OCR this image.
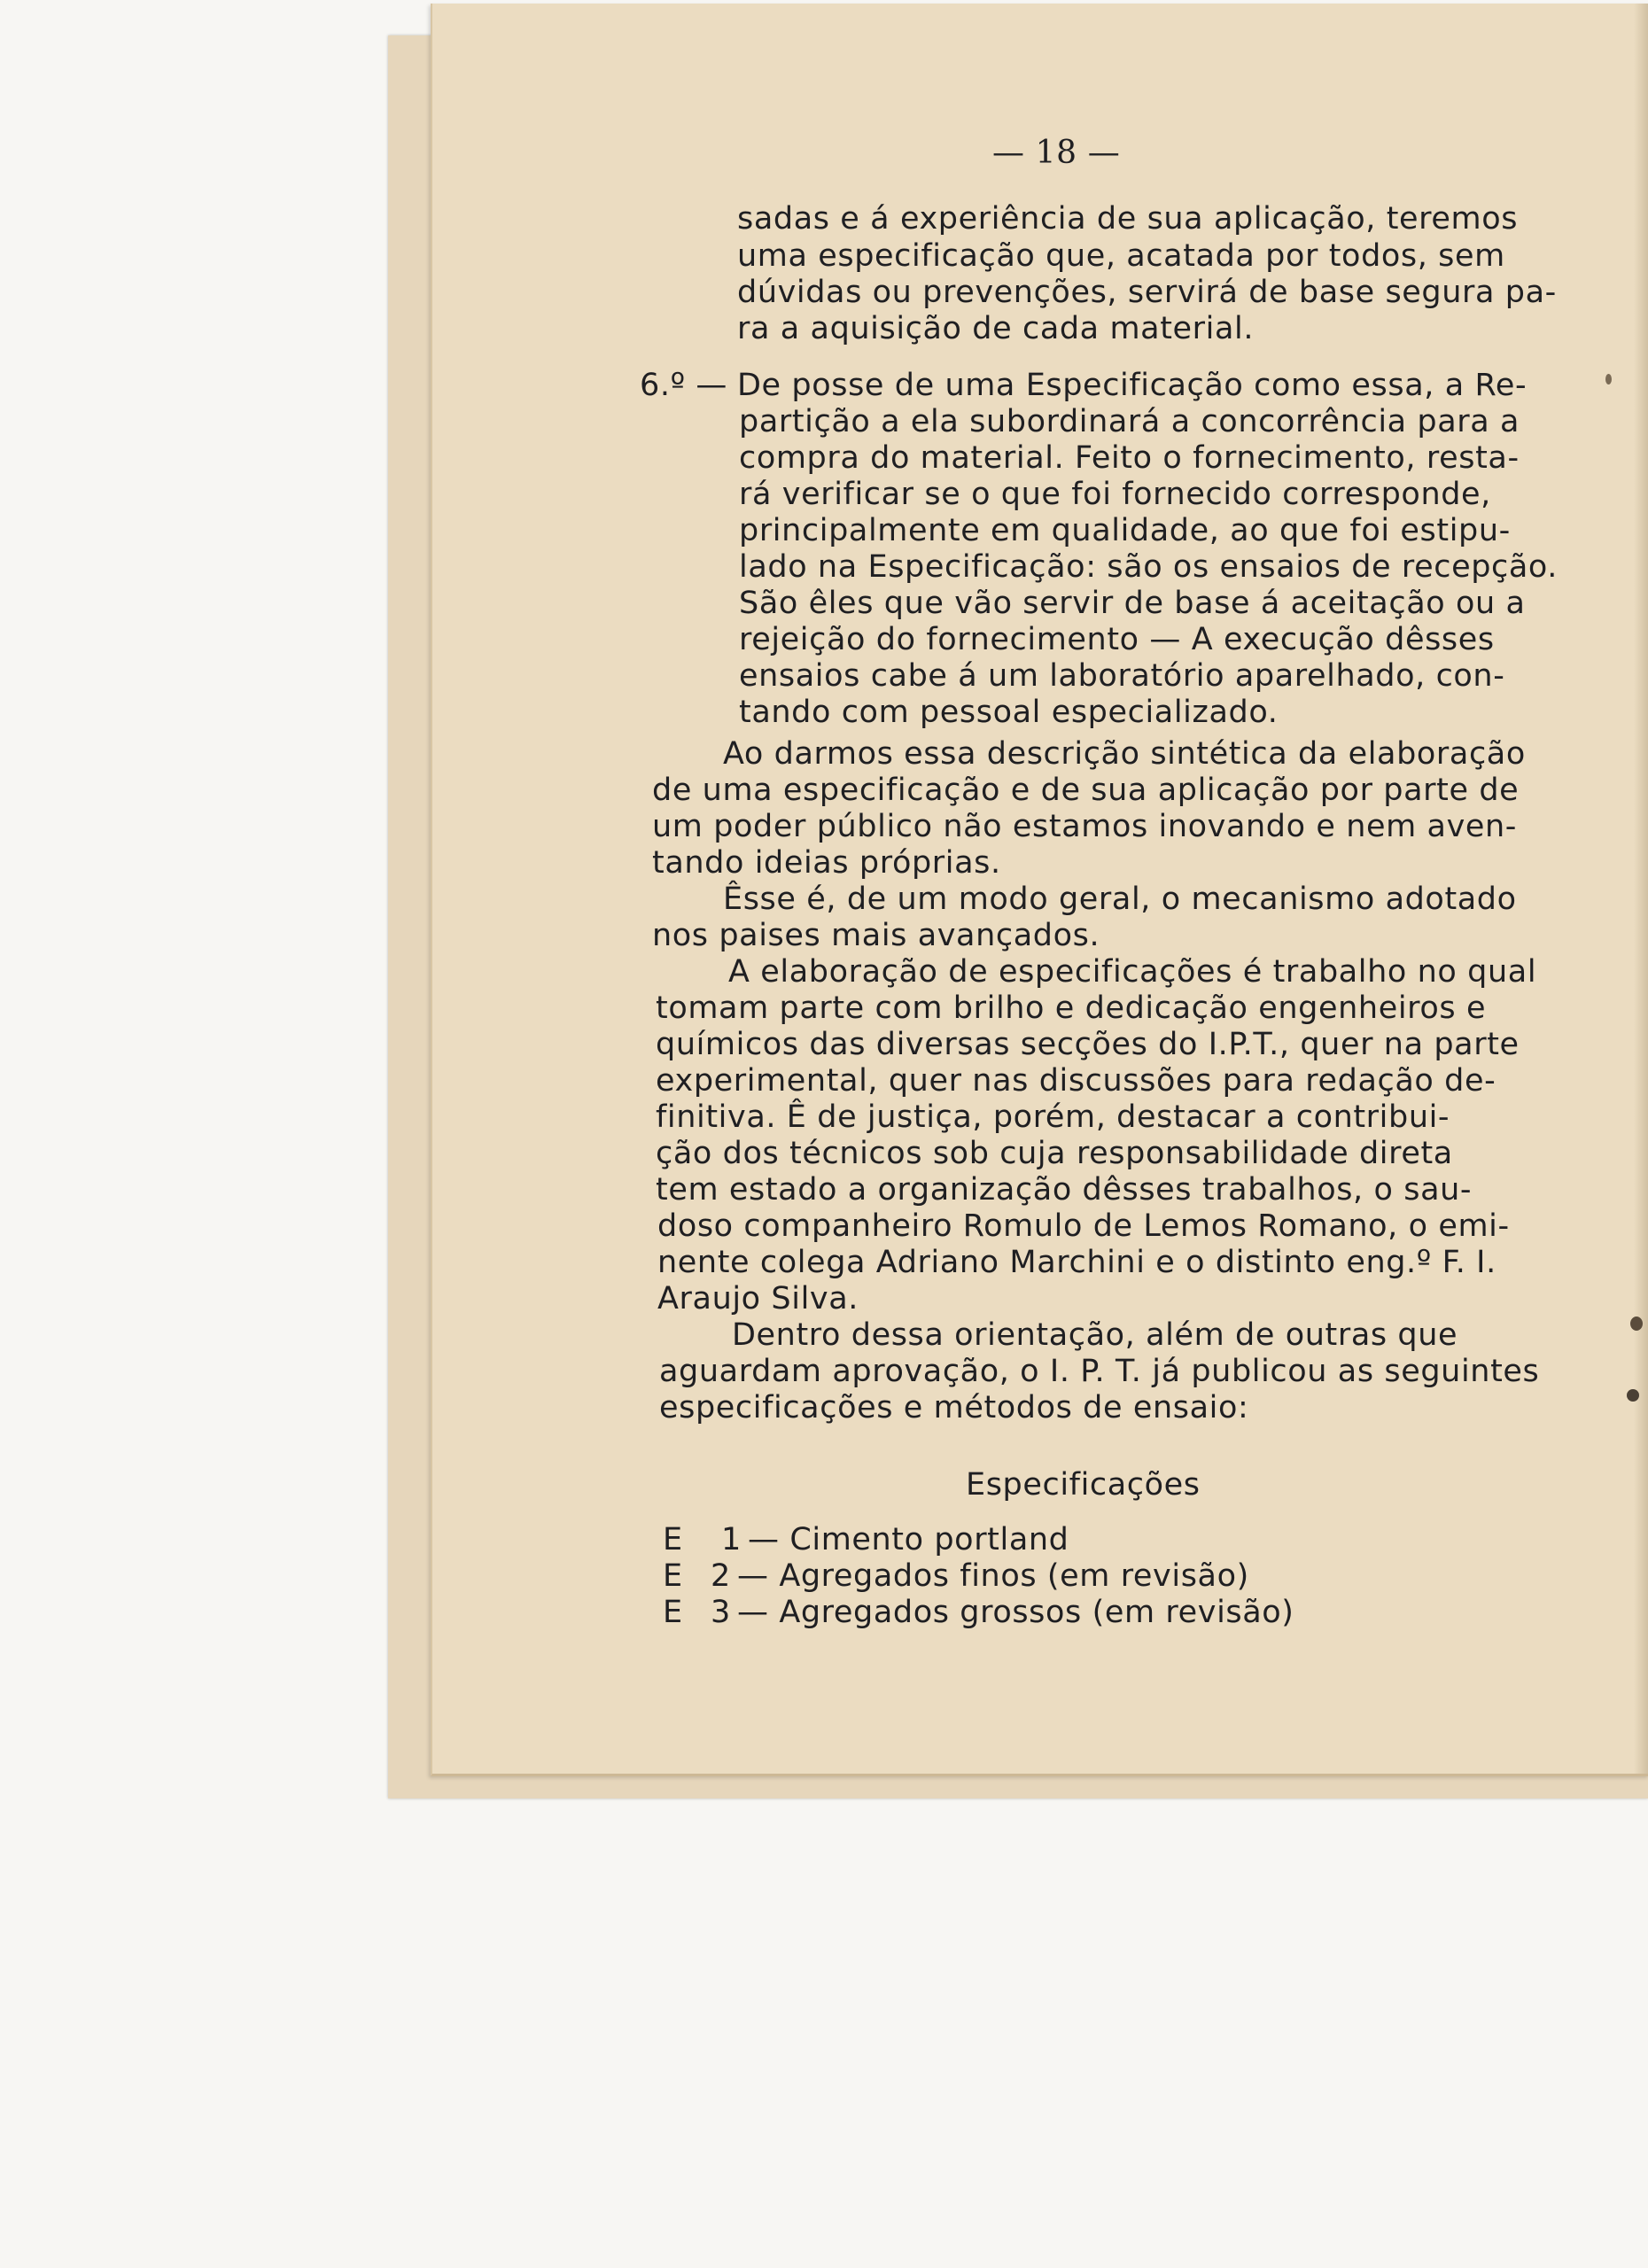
— 18 —
sadas e á experiência de sua aplicação, teremos
uma especificação que, acatada por todos, sem
dúvidas ou prevenções, servirá de base segura pa-
ra a aquisição de cada material.
6.º — De posse de uma Especificação como essa, a Re-
partição a ela subordinará a concorrência para a
compra do material. Feito o fornecimento, resta-
rá verificar se o que foi fornecido corresponde,
principalmente em qualidade, ao que foi estipu-
lado na Especificação: são os ensaios de recepção.
São êles que vão servir de base á aceitação ou a
rejeição do fornecimento — A execução dêsses
ensaios cabe á um laboratório aparelhado, con-
tando com pessoal especializado.
Ao darmos essa descrição sintética da elaboração
de uma especificação e de sua aplicação por parte de
um poder público não estamos inovando e nem aven-
tando ideias próprias.
Êsse é, de um modo geral, o mecanismo adotado
nos paises mais avançados.
A elaboração de especificações é trabalho no qual
tomam parte com brilho e dedicação engenheiros e
químicos das diversas secções do I.P.T., quer na parte
experimental, quer nas discussões para redação de-
finitiva. Ê de justiça, porém, destacar a contribui-
ção dos técnicos sob cuja responsabilidade direta
tem estado a organização dêsses trabalhos, o sau-
doso companheiro Romulo de Lemos Romano, o emi-
nente colega Adriano Marchini e o distinto eng.º F. I.
Araujo Silva.
Dentro dessa orientação, além de outras que
aguardam aprovação, o I. P. T. já publicou as seguintes
especificações e métodos de ensaio:
Especificações
E 1 — Cimento portland
E 2 — Agregados finos (em revisão)
E 3 — Agregados grossos (em revisão)
